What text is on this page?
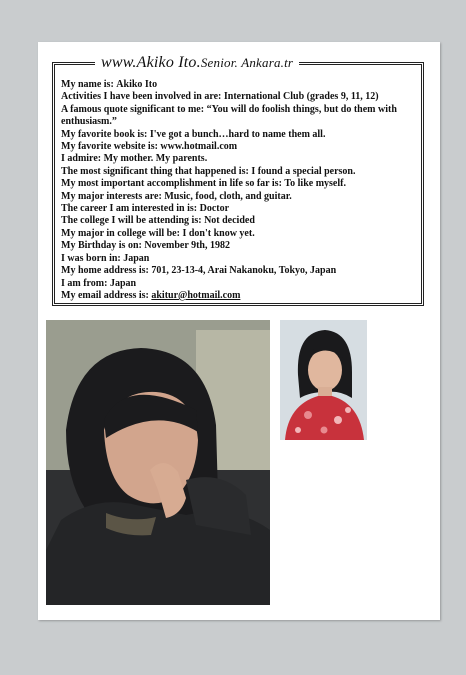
www.Akiko Ito.Senior. Ankara.tr
My name is: Akiko Ito
Activities I have been involved in are: International Club (grades 9, 11, 12)
A famous quote significant to me: “You will do foolish things, but do them with enthusiasm.”
My favorite book is: I've got a bunch…hard to name them all.
My favorite website is: www.hotmail.com
I admire: My mother. My parents.
The most significant thing that happened is: I found a special person.
My most important accomplishment in life so far is: To like myself.
My major interests are: Music, food, cloth, and guitar.
The career I am interested in is: Doctor
The college I will be attending is: Not decided
My major in college will be: I don't know yet.
My Birthday is on: November 9th, 1982
I was born in: Japan
My home address is: 701, 23-13-4, Arai Nakanoku, Tokyo, Japan
I am from: Japan
My email address is: akitur@hotmail.com
